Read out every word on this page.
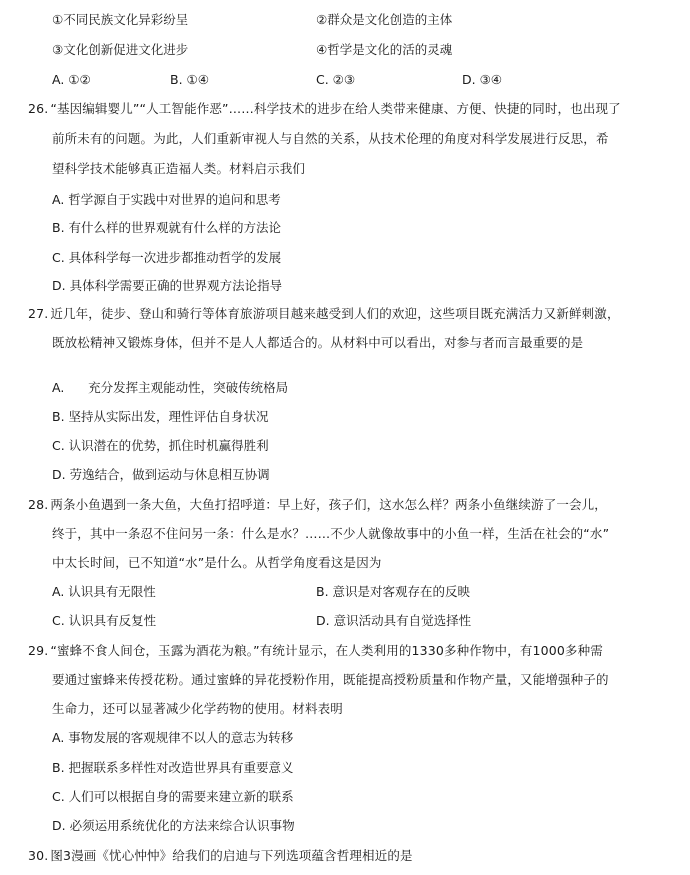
①不同民族文化异彩纷呈	②群众是文化创造的主体
③文化创新促进文化进步	④哲学是文化的活的灵魂
A. ①②	B. ①④	C. ②③	D. ③④
26. “基因编辑婴儿”“人工智能作恶”……科学技术的进步在给人类带来健康、方便、快捷的同时，也出现了
前所未有的问题。为此，人们重新审视人与自然的关系，从技术伦理的角度对科学发展进行反思，希
望科学技术能够真正造福人类。材料启示我们
A. 哲学源自于实践中对世界的追问和思考
B. 有什么样的世界观就有什么样的方法论
C. 具体科学每一次进步都推动哲学的发展
D. 具体科学需要正确的世界观方法论指导
27. 近几年，徒步、登山和骑行等体育旅游项目越来越受到人们的欢迎，这些项目既充满活力又新鲜刺激，
既放松精神又锻炼身体，但并不是人人都适合的。从材料中可以看出，对参与者而言最重要的是
A.      充分发挥主观能动性，突破传统格局
B. 坚持从实际出发，理性评估自身状况
C. 认识潜在的优势，抓住时机赢得胜利
D. 劳逸结合，做到运动与休息相互协调
28. 两条小鱼遇到一条大鱼，大鱼打招呼道：早上好，孩子们，这水怎么样？两条小鱼继续游了一会儿，
终于，其中一条忍不住问另一条：什么是水？……不少人就像故事中的小鱼一样，生活在社会的“水”
中太长时间，已不知道“水”是什么。从哲学角度看这是因为
A. 认识具有无限性	B. 意识是对客观存在的反映
C. 认识具有反复性	D. 意识活动具有自觉选择性
29. “蜜蜂不食人间仓，玉露为酒花为粮。”有统计显示，在人类利用的1330多种作物中，有1000多种需
要通过蜜蜂来传授花粉。通过蜜蜂的异花授粉作用，既能提高授粉质量和作物产量，又能增强种子的
生命力，还可以显著减少化学药物的使用。材料表明
A. 事物发展的客观规律不以人的意志为转移
B. 把握联系多样性对改造世界具有重要意义
C. 人们可以根据自身的需要来建立新的联系
D. 必须运用系统优化的方法来综合认识事物
30. 图3漫画《忧心忡忡》给我们的启迪与下列选项蕴含哲理相近的是
